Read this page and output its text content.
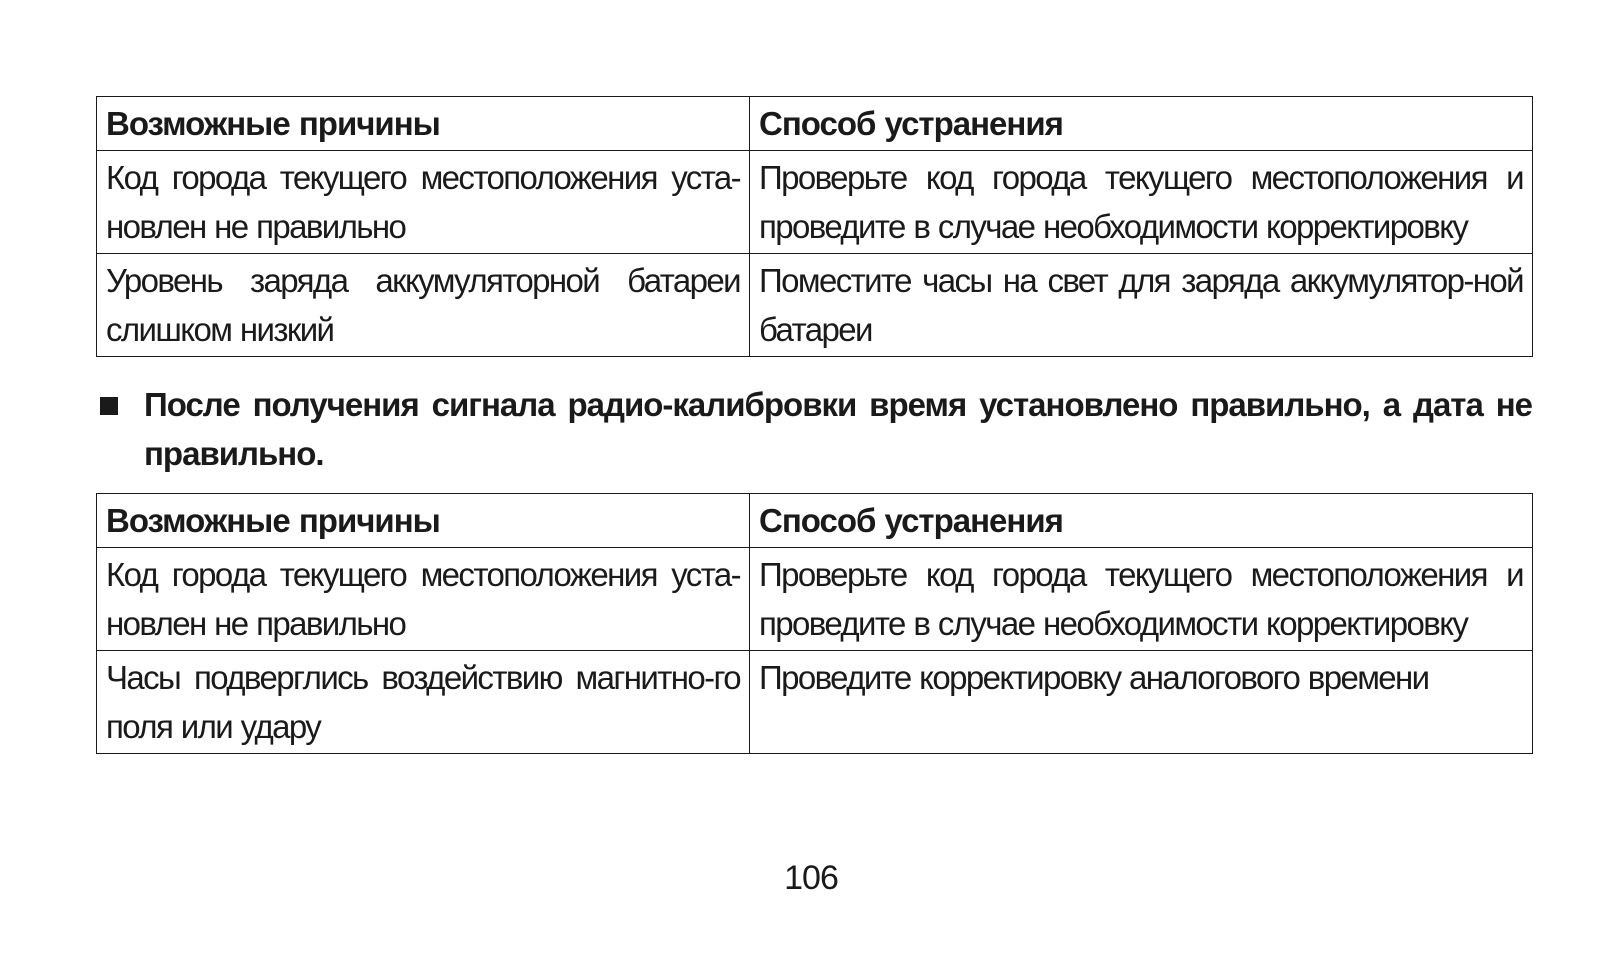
Возможные причины	Способ устранения
Код города текущего местоположения уста-новлен не правильно	Проверьте код города текущего местоположения и проведите в случае необходимости корректировку
Уровень заряда аккумуляторной батареи слишком низкий	Поместите часы на свет для заряда аккумулятор-ной батареи

После получения сигнала радио-калибровки время установлено правильно, а дата не правильно.

Возможные причины	Способ устранения
Код города текущего местоположения уста-новлен не правильно	Проверьте код города текущего местоположения и проведите в случае необходимости корректировку
Часы подверглись воздействию магнитно-го поля или удару	Проведите корректировку аналогового времени
106
